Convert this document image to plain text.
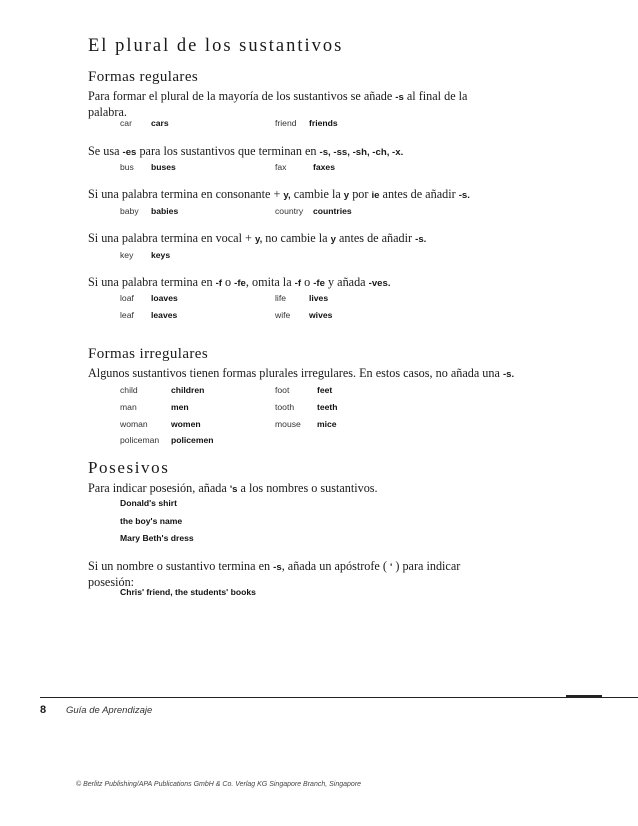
El plural de los sustantivos
Formas regulares
Para formar el plural de la mayoría de los sustantivos se añade -s al final de la palabra.
car cars	friend friends
Se usa -es para los sustantivos que terminan en -s, -ss, -sh, -ch, -x.
bus buses	fax	faxes
Si una palabra termina en consonante + y, cambie la y por ie antes de añadir -s.
baby babies	country countries
Si una palabra termina en vocal + y, no cambie la y antes de añadir -s.
key keys
Si una palabra termina en -f o -fe, omita la -f o -fe y añada -ves.
loaf loaves	life	lives
leaf leaves	wife wives
Formas irregulares
Algunos sustantivos tienen formas plurales irregulares. En estos casos, no añada una -s.
child	children	foot	feet
man	men	tooth	teeth
woman	women	mouse mice
policeman policemen
Posesivos
Para indicar posesión, añada 's a los nombres o sustantivos.
Donald's shirt
the boy's name
Mary Beth's dress
Si un nombre o sustantivo termina en -s, añada un apóstrofe ( ' ) para indicar posesión:
Chris' friend, the students' books
8 Guía de Aprendizaje
© Berlitz Publishing/APA Publications GmbH & Co. Verlag KG Singapore Branch, Singapore
